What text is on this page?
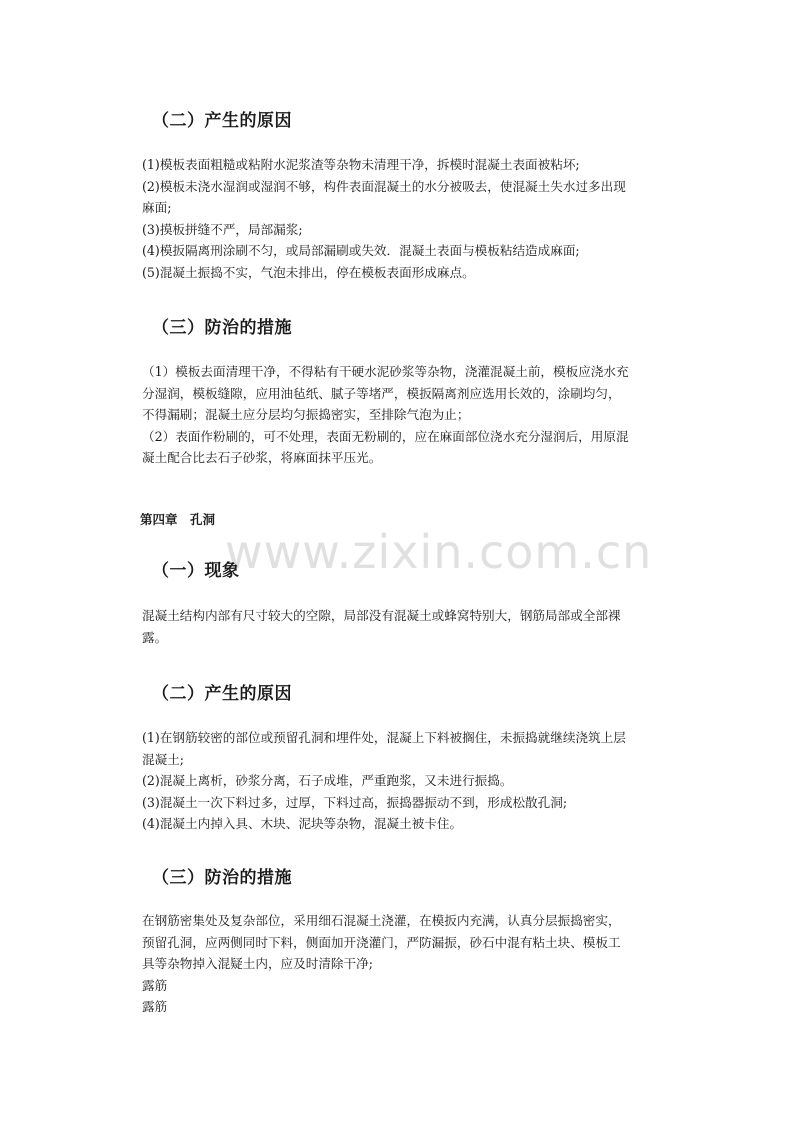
（二）产生的原因
(1)模板表面粗糙或粘附水泥浆渣等杂物未清理干净，拆模时混凝土表面被粘坏;
(2)模板未浇水湿润或湿润不够，构件表面混凝土的水分被吸去，使混凝土失水过多出现
麻面;
(3)摸板拼缝不严，局部漏浆;
(4)模扳隔离刑涂刷不匀，或局部漏刷或失效．混凝土表面与模板粘结造成麻面;
(5)混凝土振捣不实，气泡未排出，停在模板表面形成麻点。
（三）防治的措施
（1）模板去面清理干净，不得粘有干硬水泥砂浆等杂物，浇灌混凝土前，模板应浇水充
分湿润，模板缝隙，应用油毡纸、腻子等堵严，模扳隔离剂应选用长效的，涂刷均匀，
不得漏刷；混凝土应分层均匀振捣密实，至排除气泡为止；
（2）表面作粉刷的，可不处理，表面无粉刷的，应在麻面部位浇水充分湿润后，用原混
凝土配合比去石子砂浆，将麻面抹平压光。
第四章　孔洞
www.zixin.com.cn
（一）现象
混凝土结构内部有尺寸较大的空隙，局部没有混凝土或蜂窝特别大，钢筋局部或全部裸
露。
（二）产生的原因
(1)在钢筋较密的部位或预留孔洞和埋件处，混凝上下料被搁住，未振捣就继续浇筑上层
混凝土;
(2)混凝上离析，砂浆分离，石子成堆，严重跑浆，又未进行振捣。
(3)混凝土一次下料过多，过厚，下料过高，振捣器振动不到，形成松散孔洞;
(4)混凝土内掉入具、木块、泥块等杂物，混凝土被卡住。
（三）防治的措施
在钢筋密集处及复杂部位，采用细石混凝土浇灌，在模扳内充满，认真分层振捣密实，
预留孔洞，应两侧同时下料，侧面加开浇灌门，严防漏振，砂石中混有粘土块、模板工
具等杂物掉入混疑土内，应及时清除干净;
露筋
露筋
